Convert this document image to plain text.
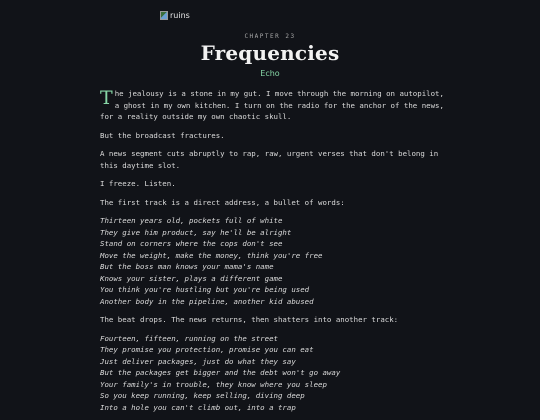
ruins
CHAPTER 23
Frequencies
Echo

The jealousy is a stone in my gut. I move through the morning on autopilot, a ghost in my own kitchen. I turn on the radio for the anchor of the news, for a reality outside my own chaotic skull.

But the broadcast fractures.

A news segment cuts abruptly to rap, raw, urgent verses that don't belong in this daytime slot.

I freeze. Listen.

The first track is a direct address, a bullet of words:

Thirteen years old, pockets full of white
They give him product, say he'll be alright
Stand on corners where the cops don't see
Move the weight, make the money, think you're free
But the boss man knows your mama's name
Knows your sister, plays a different game
You think you're hustling but you're being used
Another body in the pipeline, another kid abused

The beat drops. The news returns, then shatters into another track:

Fourteen, fifteen, running on the street
They promise you protection, promise you can eat
Just deliver packages, just do what they say
But the packages get bigger and the debt won't go away
Your family's in trouble, they know where you sleep
So you keep running, keep selling, diving deep
Into a hole you can't climb out, into a trap
